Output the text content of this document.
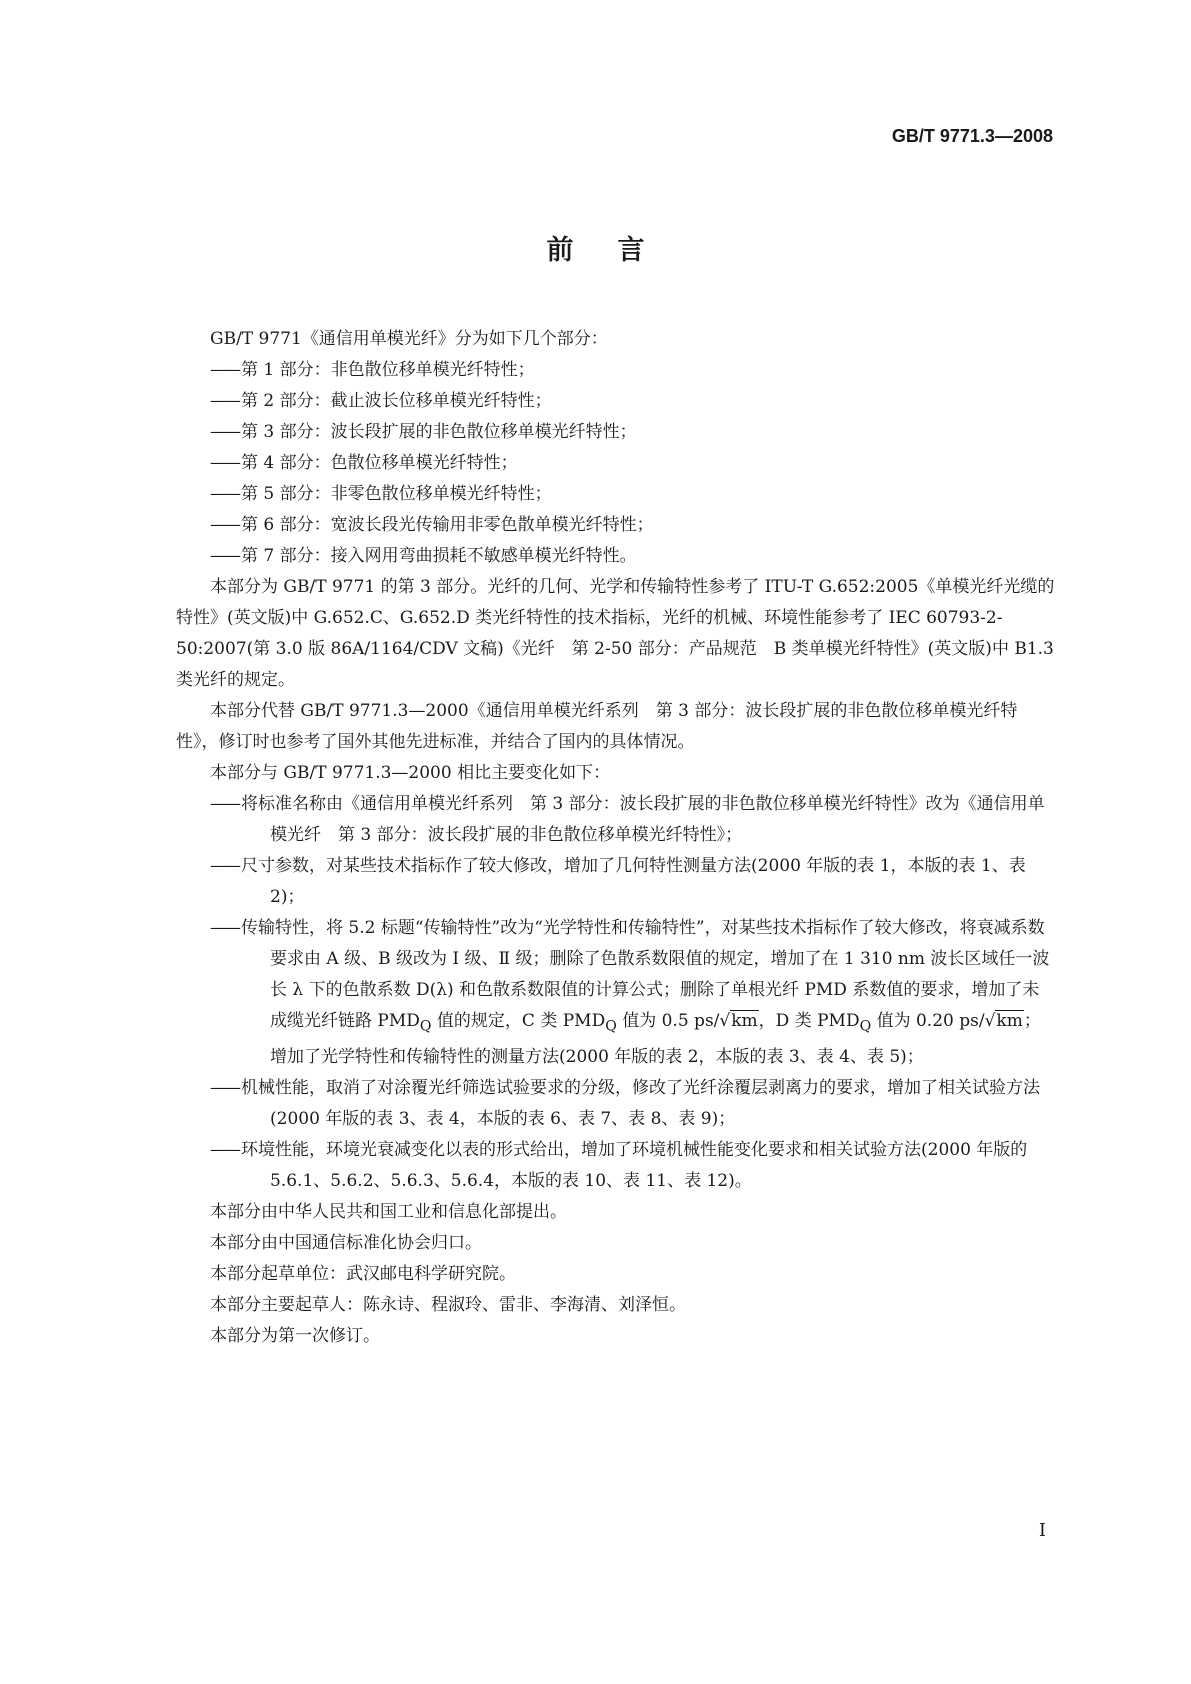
GB/T 9771.3—2008
前言
GB/T 9771《通信用单模光纤》分为如下几个部分：
—— 第 1 部分：非色散位移单模光纤特性；
—— 第 2 部分：截止波长位移单模光纤特性；
—— 第 3 部分：波长段扩展的非色散位移单模光纤特性；
—— 第 4 部分：色散位移单模光纤特性；
—— 第 5 部分：非零色散位移单模光纤特性；
—— 第 6 部分：宽波长段光传输用非零色散单模光纤特性；
—— 第 7 部分：接入网用弯曲损耗不敏感单模光纤特性。
本部分为 GB/T 9771 的第 3 部分。光纤的几何、光学和传输特性参考了 ITU-T G.652:2005《单模光纤光缆的特性》(英文版)中 G.652.C、G.652.D 类光纤特性的技术指标，光纤的机械、环境性能参考了 IEC 60793-2-50:2007(第 3.0 版 86A/1164/CDV 文稿)《光纤　第 2-50 部分：产品规范　B 类单模光纤特性》(英文版)中 B1.3 类光纤的规定。
本部分代替 GB/T 9771.3—2000《通信用单模光纤系列　第 3 部分：波长段扩展的非色散位移单模光纤特性》，修订时也参考了国外其他先进标准，并结合了国内的具体情况。
本部分与 GB/T 9771.3—2000 相比主要变化如下：
—— 将标准名称由《通信用单模光纤系列　第 3 部分：波长段扩展的非色散位移单模光纤特性》改为《通信用单模光纤　第 3 部分：波长段扩展的非色散位移单模光纤特性》；
—— 尺寸参数，对某些技术指标作了较大修改，增加了几何特性测量方法(2000 年版的表 1，本版的表 1、表 2)；
—— 传输特性，将 5.2 标题“传输特性”改为“光学特性和传输特性”，对某些技术指标作了较大修改，将衰减系数要求由 A 级、B 级改为 Ⅰ 级、Ⅱ 级；删除了色散系数限值的规定，增加了在 1 310 nm 波长区域任一波长 λ 下的色散系数 D(λ) 和色散系数限值的计算公式；删除了单根光纤 PMD 系数值的要求，增加了未成缆光纤链路 $PMD_Q$ 值的规定，C 类 $PMD_Q$ 值为 0.5 ps/√km，D 类 $PMD_Q$ 值为 0.20 ps/√km；增加了光学特性和传输特性的测量方法(2000 年版的表 2，本版的表 3、表 4、表 5)；
—— 机械性能，取消了对涂覆光纤筛选试验要求的分级，修改了光纤涂覆层剥离力的要求，增加了相关试验方法(2000 年版的表 3、表 4，本版的表 6、表 7、表 8、表 9)；
—— 环境性能，环境光衰减变化以表的形式给出，增加了环境机械性能变化要求和相关试验方法(2000 年版的 5.6.1、5.6.2、5.6.3、5.6.4，本版的表 10、表 11、表 12)。
本部分由中华人民共和国工业和信息化部提出。
本部分由中国通信标准化协会归口。
本部分起草单位：武汉邮电科学研究院。
本部分主要起草人：陈永诗、程淑玲、雷非、李海清、刘泽恒。
本部分为第一次修订。
I
